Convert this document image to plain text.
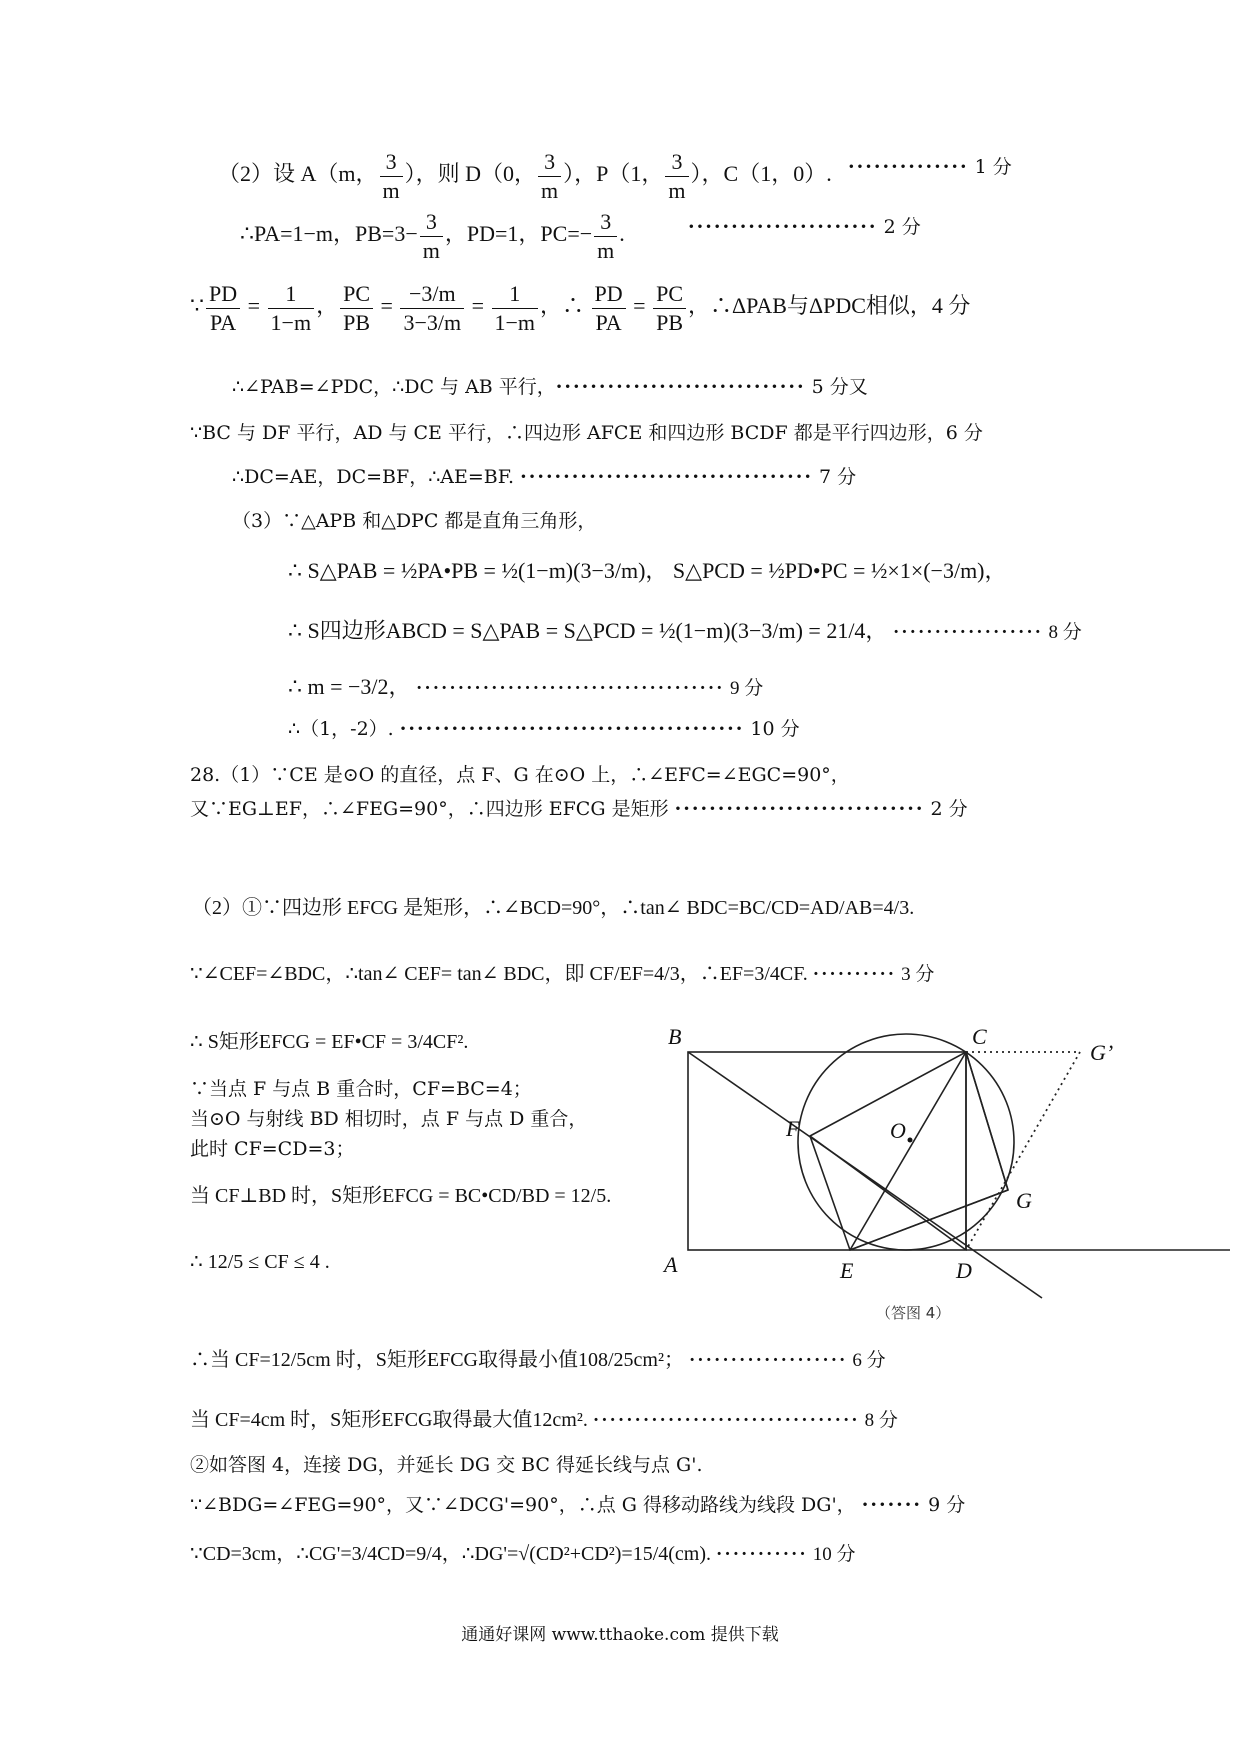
（2）设 A（m， $\frac{3}{m}$ ），则 D（0， $\frac{3}{m}$ ），P（1， $\frac{3}{m}$ ），C（1，0）. ·············· 1 分
∴PA=1−m，$PB=3- \frac{3}{m}$ ，PD=1，$PC=- \frac{3}{m}$ .	······················ 2 分
∵ $\frac{PD}{PA} = \frac{1}{1-m}$ ， $\frac{PC}{PB} = \frac{-3/m}{3-3/m} = \frac{1}{1-m}$ ，∴ $\frac{PD}{PA} = \frac{PC}{PB}$ ，∴ΔPAB与ΔPDC相似，4 分
∴∠PAB=∠PDC，∴DC 与 AB 平行，····························· 5 分又
∵BC 与 DF 平行，AD 与 CE 平行，∴四边形 AFCE 和四边形 BCDF 都是平行四边形，6 分
∴DC=AE，DC=BF，∴AE=BF. ·································· 7 分
（3）∵△APB 和△DPC 都是直角三角形，
∴ S△PAB = ½PA•PB = ½(1−m)(3−3/m)， S△PCD = ½PD•PC = ½×1×(−3/m)，
∴ S四边形ABCD = S△PAB = S△PCD = ½(1−m)(3−3/m) = 21/4， ·················· 8 分
∴ m = −3/2， ····································· 9 分
∴（1，-2）. ········································ 10 分
28.（1）∵CE 是⊙O 的直径，点 F、G 在⊙O 上，∴∠EFC=∠EGC=90°，
又∵EG⊥EF，∴∠FEG=90°，∴四边形 EFCG 是矩形 ····························· 2 分
（2）①∵四边形 EFCG 是矩形，∴∠BCD=90°，∴tan∠ BDC=BC/CD=AD/AB=4/3.
∵∠CEF=∠BDC，∴tan∠ CEF= tan∠ BDC，即 CF/EF=4/3，∴EF=3/4CF. ·········· 3 分
∴ S矩形EFCG = EF•CF = 3/4CF².
∵当点 F 与点 B 重合时，CF=BC=4；
当⊙O 与射线 BD 相切时，点 F 与点 D 重合，
此时 CF=CD=3；
当 CF⊥BD 时，S矩形EFCG = BC•CD/BD = 12/5.
∴ 12/5 ≤ CF ≤ 4 .
∴当 CF=12/5cm 时，S矩形EFCG取得最小值108/25cm²； ··················· 6 分
当 CF=4cm 时，S矩形EFCG取得最大值12cm². ································ 8 分
②如答图 4，连接 DG，并延长 DG 交 BC 得延长线与点 G'.
∵∠BDG=∠FEG=90°，又∵∠DCG'=90°，∴点 G 得移动路线为线段 DG'， ······· 9 分
∵CD=3cm，∴CG'=3/4CD=9/4，∴DG'=√(CD²+CD²)=15/4(cm). ··········· 10 分
B	C
G’
F	O
G
A	E	D
（答图 4）
通通好课网 www.tthaoke.com 提供下载
